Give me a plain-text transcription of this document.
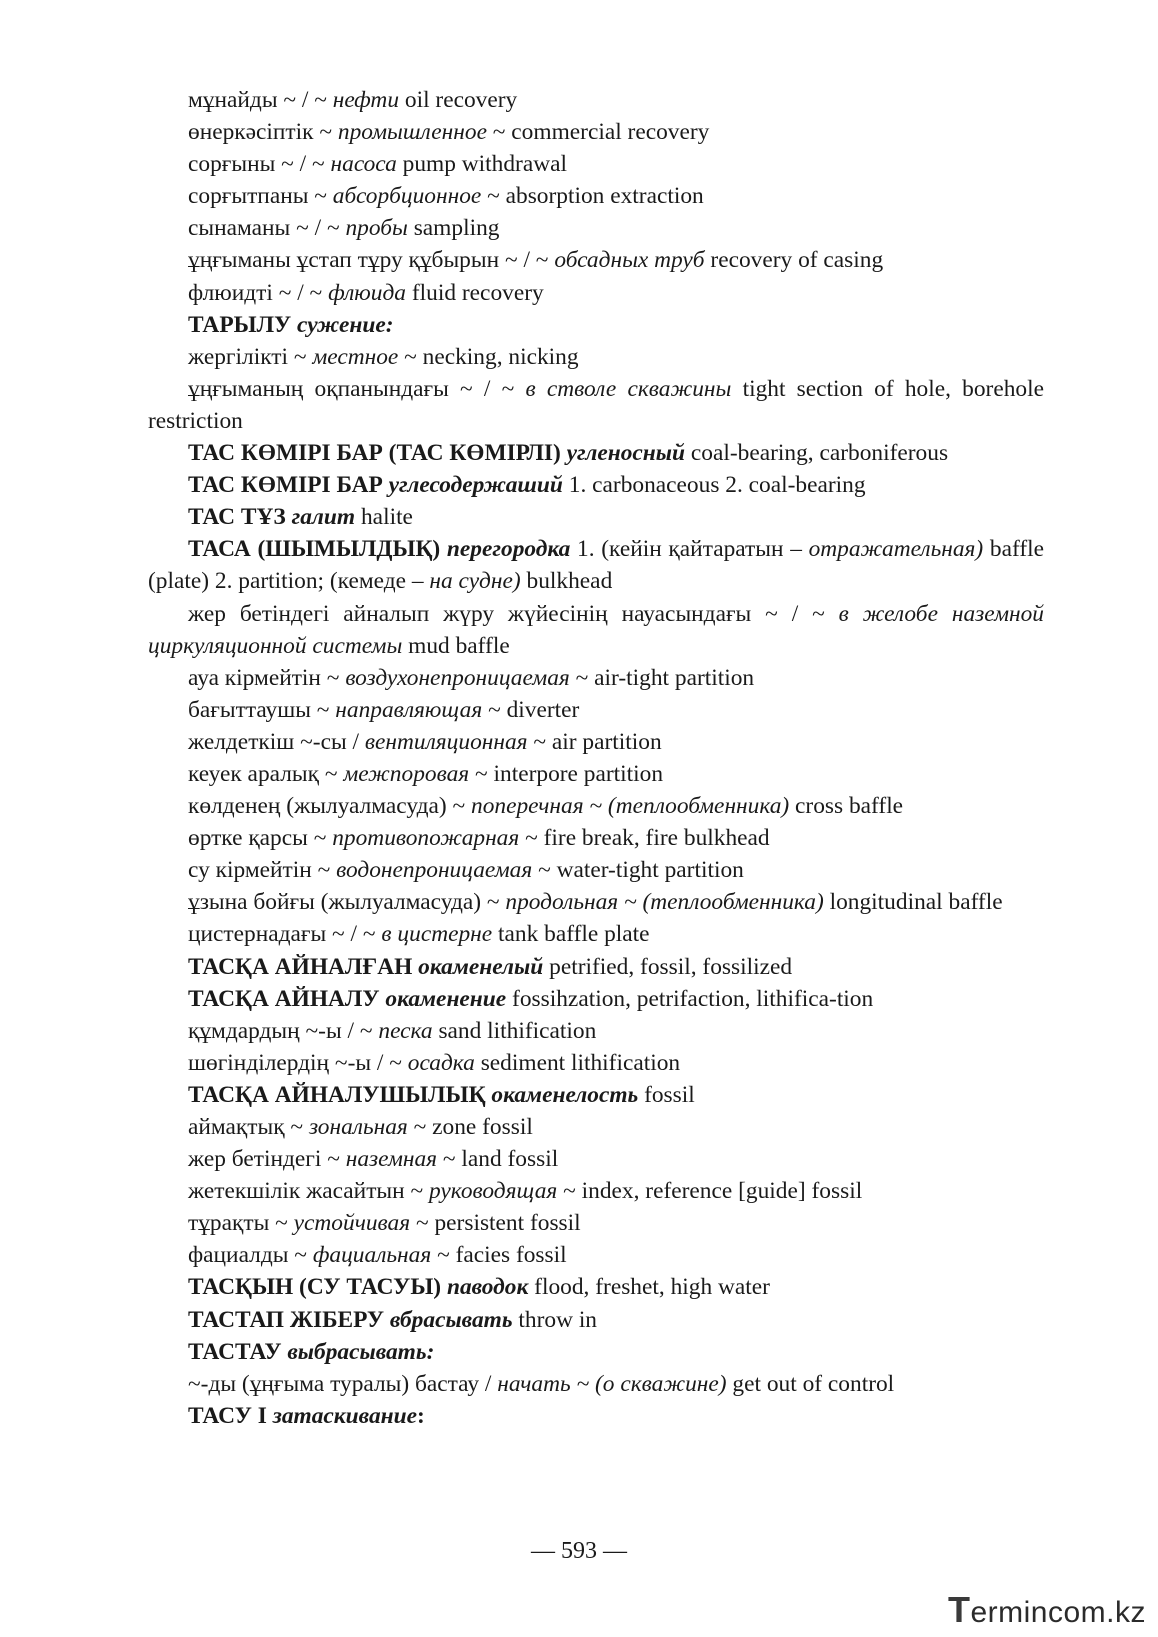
мұнайды ~ / ~ нефти oil recovery

өнеркәсіптік ~ промышленное ~ commercial recovery

сорғыны ~ / ~ насоса pump withdrawal

сорғытпаны ~ абсорбционное ~ absorption extraction

сынаманы ~ / ~ пробы sampling

ұңғыманы ұстап тұру құбырын ~ / ~ обсадных труб recovery of casing

флюидті ~ / ~ флюида fluid recovery

ТАРЫЛУ сужение:

жергілікті ~ местное ~ necking, nicking

ұңғыманың оқпанындағы ~ / ~ в стволе скважины tight section of hole, borehole restriction

ТАС КӨМІРІ БАР (ТАС КӨМІРЛІ) угленосный coal-bearing, carboniferous

ТАС КӨМІРІ БАР углесодержаший 1. carbonaceous 2. coal-bearing

ТАС ТҰЗ галит halite

ТАСА (ШЫМЫЛДЫҚ) перегородка 1. (кейін қайтаратын – отражательная) baffle (plate) 2. partition; (кемеде – на судне) bulkhead

жер бетіндегі айналып жүру жүйесінің науасындағы ~ / ~ в желобе наземной циркуляционной системы mud baffle

ауа кірмейтін ~ воздухонепроницаемая ~ air-tight partition

бағыттаушы ~ направляющая ~ diverter

желдеткіш ~-сы / вентиляционная ~ air partition

кеуек аралық ~ межпоровая ~ interpore partition

көлденең (жылуалмасуда) ~ поперечная ~ (теплообменника) cross baffle

өртке қарсы ~ противопожарная ~ fire break, fire bulkhead

су кірмейтін ~ водонепроницаемая ~ water-tight partition

ұзына бойғы (жылуалмасуда) ~ продольная ~ (теплообменника) longitudinal baffle

цистернадағы ~ / ~ в цистерне tank baffle plate

ТАСҚА АЙНАЛҒАН окаменелый petrified, fossil, fossilized

ТАСҚА АЙНАЛУ окаменение fossihzation, petrifaction, lithifica-tion

құмдардың ~-ы / ~ песка sand lithification

шөгінділердің ~-ы / ~ осадка sediment lithification

ТАСҚА АЙНАЛУШЫЛЫҚ окаменелость fossil

аймақтық ~ зональная ~ zone fossil

жер бетіндегі ~ наземная ~ land fossil

жетекшілік жасайтын ~ руководящая ~ index, reference [guide] fossil

тұрақты ~ устойчивая ~ persistent fossil

фациалды ~ фациальная ~ facies fossil

ТАСҚЫН (СУ ТАСУЫ) паводок flood, freshet, high water

ТАСТАП ЖІБЕРУ вбрасывать throw in

ТАСТАУ выбрасывать:

~-ды (ұңғыма туралы) бастау / начать ~ (о скважине) get out of control

ТАСУ I затаскивание:

— 593 —
Termincom.kz
